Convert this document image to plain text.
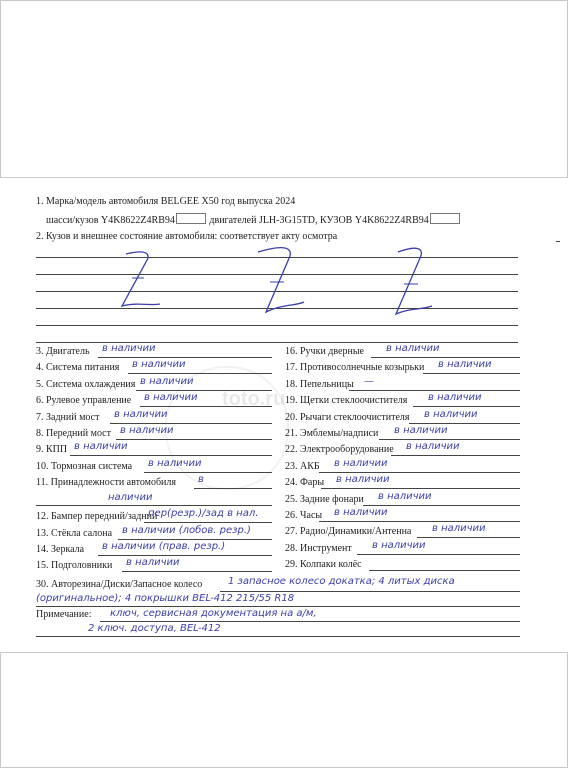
1. Марка/модель автомобиля BELGEE X50 год выпуска 2024
шасси/кузов Y4K8622Z4RB94	двигателей JLH-3G15TD, КУЗОВ Y4K8622Z4RB94
2. Кузов и внешнее состояние автомобиля: соответствует акту осмотра
toto.ru
3. Двигатель в наличии
4. Система питания в наличии
5. Система охлаждения в наличии
6. Рулевое управление в наличии
7. Задний мост в наличии
8. Передний мост в наличии
9. КПП в наличии
10. Тормозная система в наличии
11. Принадлежности автомобиля в
наличии
12. Бампер передний/задний
пер(резр.)/зад в нал.
13. Стёкла салона в наличии (лобов. резр.)
14. Зеркала в наличии (прав. резр.)
15. Подголовники в наличии
16. Ручки дверные в наличии
17. Противосолнечные козырьки в наличии
18. Пепельницы —
19. Щетки стеклоочистителя в наличии
20. Рычаги стеклоочистителя в наличии
21. Эмблемы/надписи в наличии
22. Электрооборудование в наличии
23. АКБ в наличии
24. Фары в наличии
25. Задние фонари в наличии
26. Часы в наличии
27. Радио/Динамики/Антенна в наличии
28. Инструмент в наличии
29. Колпаки колёс
30. Авторезина/Диски/Запасное колесо	1 запасное колесо докатка; 4 литых диска
(оригинальное); 4 покрышки BEL-412 215/55 R18
Примечание: ключ, сервисная документация на а/м,
2 ключ. доступа, BEL-412
